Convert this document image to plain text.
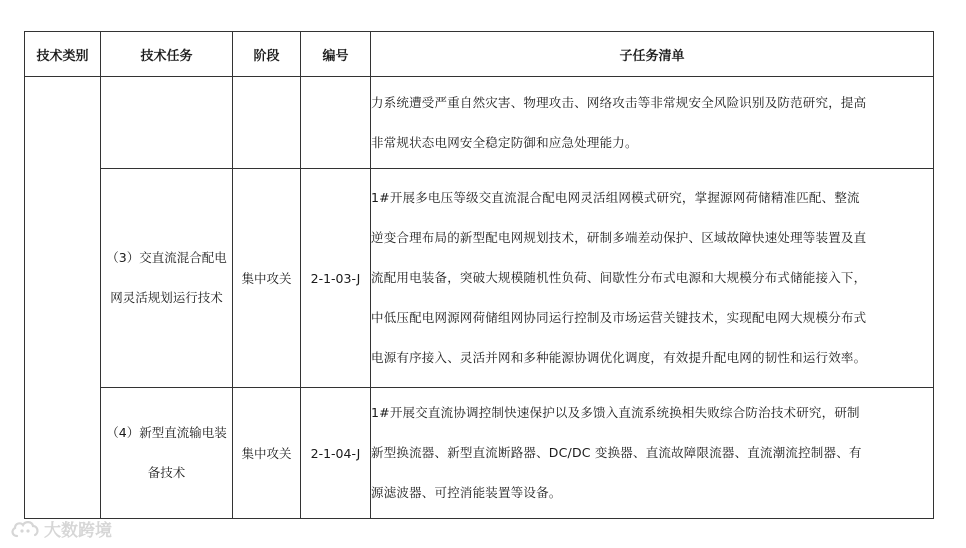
技术类别	技术任务	阶段	编号	子任务清单

				力系统遭受严重自然灾害、物理攻击、网络攻击等非常规安全风险识别及防范研究，提高

非常规状态电网安全稳定防御和应急处理能力。

	（3）交直流混合配电网灵活规划运行技术	集中攻关	2-1-03-J	1#开展多电压等级交直流混合配电网灵活组网模式研究，掌握源网荷储精准匹配、整流

逆变合理布局的新型配电网规划技术，研制多端差动保护、区域故障快速处理等装置及直

流配用电装备，突破大规模随机性负荷、间歇性分布式电源和大规模分布式储能接入下，

中低压配电网源网荷储组网协同运行控制及市场运营关键技术，实现配电网大规模分布式

电源有序接入、灵活并网和多种能源协调优化调度，有效提升配电网的韧性和运行效率。

	（4）新型直流输电装备技术	集中攻关	2-1-04-J	1#开展交直流协调控制快速保护以及多馈入直流系统换相失败综合防治技术研究，研制

新型换流器、新型直流断路器、DC/DC 变换器、直流故障限流器、直流潮流控制器、有

源滤波器、可控消能装置等设备。

大数跨境
